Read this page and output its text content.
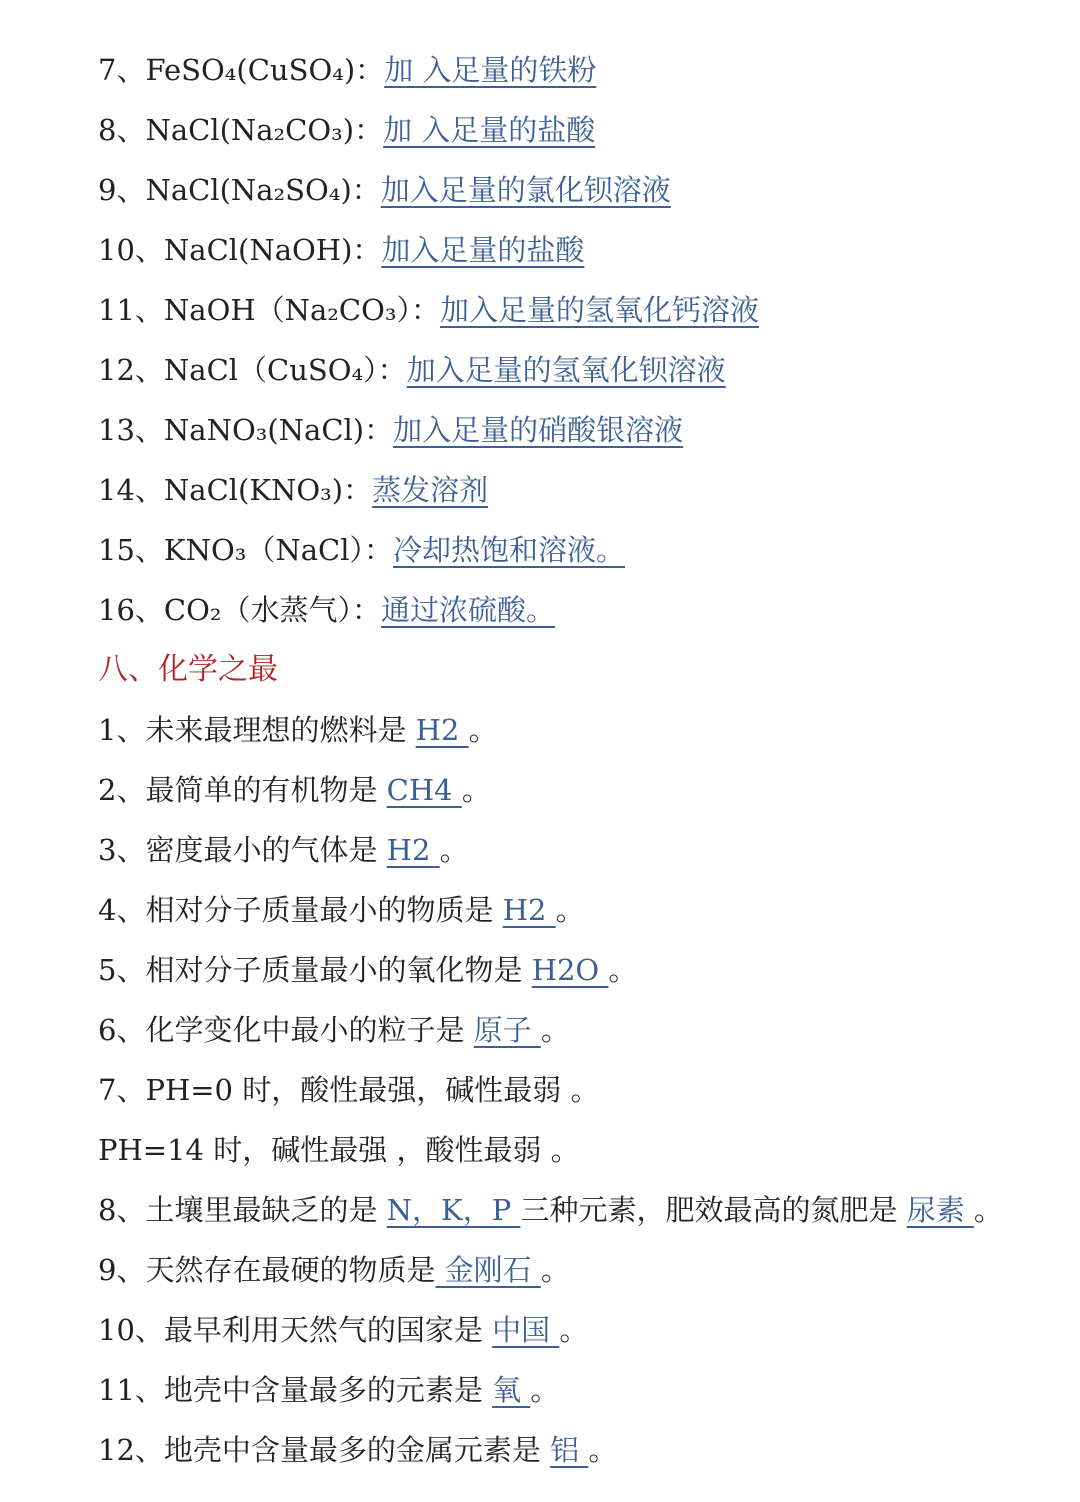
7、FeSO₄(CuSO₄)：加 入足量的铁粉
8、NaCl(Na₂CO₃)：加 入足量的盐酸
9、NaCl(Na₂SO₄)：加入足量的氯化钡溶液
10、NaCl(NaOH)：加入足量的盐酸
11、NaOH（Na₂CO₃）：加入足量的氢氧化钙溶液
12、NaCl（CuSO₄）：加入足量的氢氧化钡溶液
13、NaNO₃(NaCl)：加入足量的硝酸银溶液
14、NaCl(KNO₃)：蒸发溶剂
15、KNO₃（NaCl）：冷却热饱和溶液。
16、CO₂（水蒸气）：通过浓硫酸。
八、化学之最
1、未来最理想的燃料是 H2 。
2、最简单的有机物是 CH4 。
3、密度最小的气体是 H2 。
4、相对分子质量最小的物质是 H2 。
5、相对分子质量最小的氧化物是 H2O 。
6、化学变化中最小的粒子是 原子 。
7、PH=0 时，酸性最强，碱性最弱 。
PH=14 时，碱性最强 ，酸性最弱 。
8、土壤里最缺乏的是 N，K，P 三种元素，肥效最高的氮肥是 尿素 。
9、天然存在最硬的物质是 金刚石 。
10、最早利用天然气的国家是 中国 。
11、地壳中含量最多的元素是 氧 。
12、地壳中含量最多的金属元素是 铝 。
